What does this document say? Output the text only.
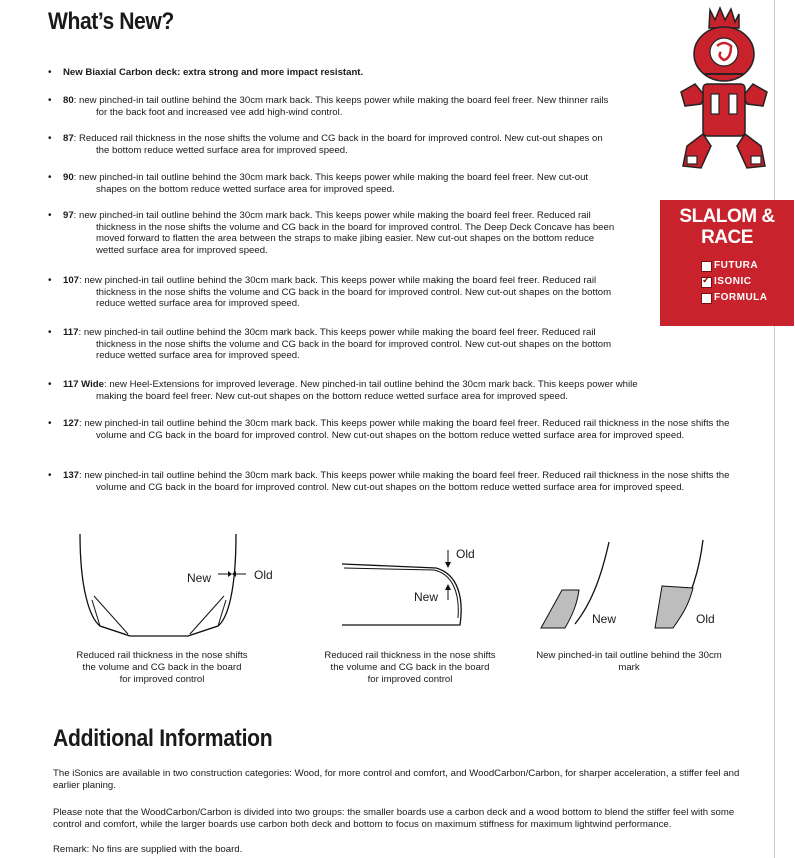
What’s New?
• New Biaxial Carbon deck: extra strong and more impact resistant.
• 80: new pinched-in tail outline behind the 30cm mark back. This keeps power while making the board feel freer. New thinner rails for the back foot and increased vee add high-wind control.
• 87: Reduced rail thickness in the nose shifts the volume and CG back in the board for improved control. New cut-out shapes on the bottom reduce wetted surface area for improved speed.
• 90: new pinched-in tail outline behind the 30cm mark back. This keeps power while making the board feel freer. New cut-out shapes on the bottom reduce wetted surface area for improved speed.
• 97: new pinched-in tail outline behind the 30cm mark back. This keeps power while making the board feel freer. Reduced rail thickness in the nose shifts the volume and CG back in the board for improved control. The Deep Deck Concave has been moved forward to flatten the area between the straps to make jibing easier. New cut-out shapes on the bottom reduce wetted surface area for improved speed.
• 107: new pinched-in tail outline behind the 30cm mark back. This keeps power while making the board feel freer. Reduced rail thickness in the nose shifts the volume and CG back in the board for improved control. New cut-out shapes on the bottom reduce wetted surface area for improved speed.
• 117: new pinched-in tail outline behind the 30cm mark back. This keeps power while making the board feel freer. Reduced rail thickness in the nose shifts the volume and CG back in the board for improved control. New cut-out shapes on the bottom reduce wetted surface area for improved speed.
• 117 Wide: new Heel-Extensions for improved leverage. New pinched-in tail outline behind the 30cm mark back. This keeps power while making the board feel freer. New cut-out shapes on the bottom reduce wetted surface area for improved speed.
• 127: new pinched-in tail outline behind the 30cm mark back. This keeps power while making the board feel freer. Reduced rail thickness in the nose shifts the volume and CG back in the board for improved control. New cut-out shapes on the bottom reduce wetted surface area for improved speed.
• 137: new pinched-in tail outline behind the 30cm mark back. This keeps power while making the board feel freer. Reduced rail thickness in the nose shifts the volume and CG back in the board for improved control. New cut-out shapes on the bottom reduce wetted surface area for improved speed.
SLALOM &
RACE
FUTURA
✓ ISONIC
FORMULA
New	Old
Reduced rail thickness in the nose shifts the volume and CG back in the board for improved control
Old
New
Reduced rail thickness in the nose shifts the volume and CG back in the board for improved control
New	Old
New pinched-in tail outline behind the 30cm mark
Additional Information

The iSonics are available in two construction categories: Wood, for more control and comfort, and WoodCarbon/Carbon, for sharper acceleration, a stiffer feel and earlier planing.

Please note that the WoodCarbon/Carbon is divided into two groups: the smaller boards use a carbon deck and a wood bottom to blend the stiffer feel with some control and comfort, while the larger boards use carbon both deck and bottom to focus on maximum stiffness for maximum lightwind performance.

Remark: No fins are supplied with the board.
